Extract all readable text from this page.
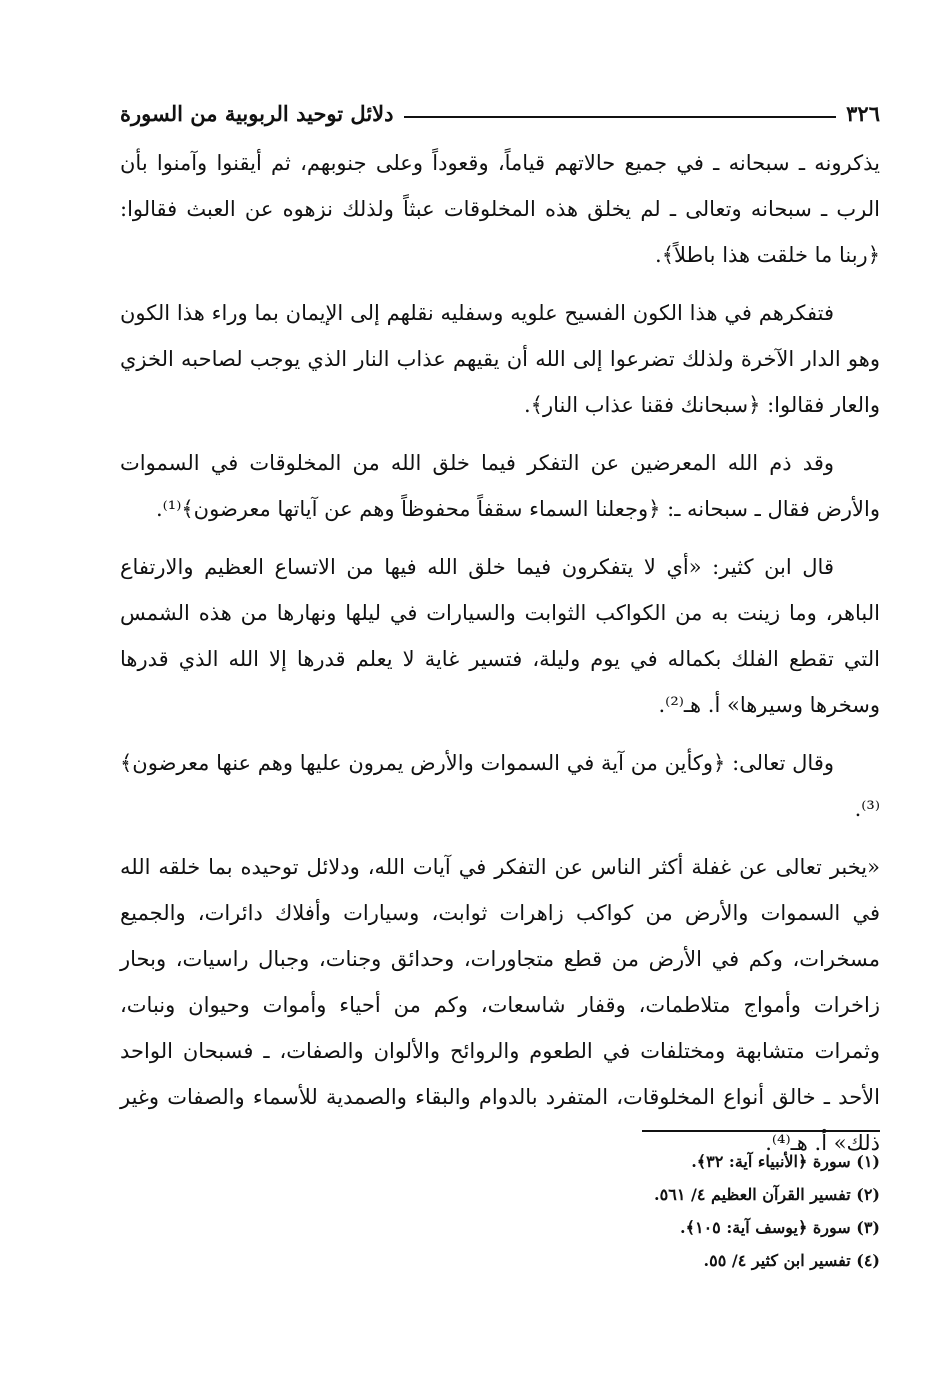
٣٢٦
دلائل توحيد الربوبية من السورة

يذكرونه ـ سبحانه ـ في جميع حالاتهم قياماً، وقعوداً وعلى جنوبهم، ثم أيقنوا وآمنوا بأن الرب ـ سبحانه وتعالى ـ لم يخلق هذه المخلوقات عبثاً ولذلك نزهوه عن العبث فقالوا: ﴿ربنا ما خلقت هذا باطلاً﴾.

فتفكرهم في هذا الكون الفسيح علويه وسفليه نقلهم إلى الإيمان بما وراء هذا الكون وهو الدار الآخرة ولذلك تضرعوا إلى الله أن يقيهم عذاب النار الذي يوجب لصاحبه الخزي والعار فقالوا: ﴿سبحانك فقنا عذاب النار﴾.

وقد ذم الله المعرضين عن التفكر فيما خلق الله من المخلوقات في السموات والأرض فقال ـ سبحانه ـ: ﴿وجعلنا السماء سقفاً محفوظاً وهم عن آياتها معرضون﴾⁽¹⁾.

قال ابن كثير: «أي لا يتفكرون فيما خلق الله فيها من الاتساع العظيم والارتفاع الباهر، وما زينت به من الكواكب الثوابت والسيارات في ليلها ونهارها من هذه الشمس التي تقطع الفلك بكماله في يوم وليلة، فتسير غاية لا يعلم قدرها إلا الله الذي قدرها وسخرها وسيرها» أ. هـ⁽²⁾.

وقال تعالى: ﴿وكأين من آية في السموات والأرض يمرون عليها وهم عنها معرضون﴾⁽³⁾.

«يخبر تعالى عن غفلة أكثر الناس عن التفكر في آيات الله، ودلائل توحيده بما خلقه الله في السموات والأرض من كواكب زاهرات ثوابت، وسيارات وأفلاك دائرات، والجميع مسخرات، وكم في الأرض من قطع متجاورات، وحدائق وجنات، وجبال راسيات، وبحار زاخرات وأمواج متلاطمات، وقفار شاسعات، وكم من أحياء وأموات وحيوان ونبات، وثمرات متشابهة ومختلفات في الطعوم والروائح والألوان والصفات، ـ فسبحان الواحد الأحد ـ خالق أنواع المخلوقات، المتفرد بالدوام والبقاء والصمدية للأسماء والصفات وغير ذلك» أ. هـ⁽⁴⁾.

(١) سورة ﴿الأنبياء آية: ٣٢﴾.
(٢) تفسير القرآن العظيم ٤/ ٥٦١.
(٣) سورة ﴿يوسف آية: ١٠٥﴾.
(٤) تفسير ابن كثير ٤/ ٥٥.
